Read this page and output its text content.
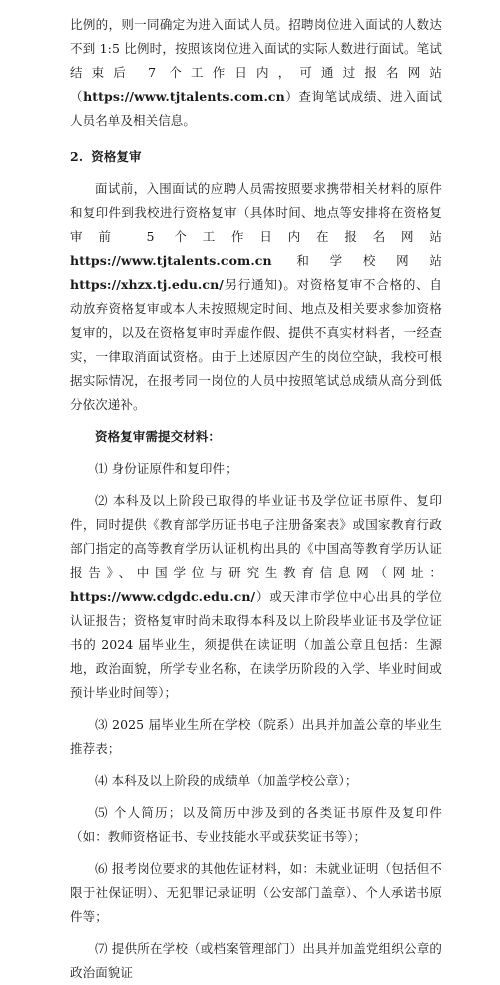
比例的，则一同确定为进入面试人员。招聘岗位进入面试的人数达不到 1:5 比例时，按照该岗位进入面试的实际人数进行面试。笔试结束后 7 个工作日内，可通过报名网站（https://www.tjtalents.com.cn）查询笔试成绩、进入面试人员名单及相关信息。

2. 资格复审

面试前，入围面试的应聘人员需按照要求携带相关材料的原件和复印件到我校进行资格复审（具体时间、地点等安排将在资格复审前 5 个工作日内在报名网站 https://www.tjtalents.com.cn 和学校网站 https://xhzx.tj.edu.cn/另行通知)。对资格复审不合格的、自动放弃资格复审或本人未按照规定时间、地点及相关要求参加资格复审的，以及在资格复审时弄虚作假、提供不真实材料者，一经查实，一律取消面试资格。由于上述原因产生的岗位空缺，我校可根据实际情况，在报考同一岗位的人员中按照笔试总成绩从高分到低分依次递补。

资格复审需提交材料：

⑴ 身份证原件和复印件；

⑵ 本科及以上阶段已取得的毕业证书及学位证书原件、复印件，同时提供《教育部学历证书电子注册备案表》或国家教育行政部门指定的高等教育学历认证机构出具的《中国高等教育学历认证报告》、中国学位与研究生教育信息网（网址：https://www.cdgdc.edu.cn/）或天津市学位中心出具的学位认证报告；资格复审时尚未取得本科及以上阶段毕业证书及学位证书的 2024 届毕业生，须提供在读证明（加盖公章且包括：生源地，政治面貌，所学专业名称，在读学历阶段的入学、毕业时间或预计毕业时间等）；

⑶ 2025 届毕业生所在学校（院系）出具并加盖公章的毕业生推荐表；

⑷ 本科及以上阶段的成绩单（加盖学校公章）；

⑸ 个人简历；以及简历中涉及到的各类证书原件及复印件（如：教师资格证书、专业技能水平或获奖证书等）；

⑹ 报考岗位要求的其他佐证材料，如：未就业证明（包括但不限于社保证明）、无犯罪记录证明（公安部门盖章）、个人承诺书原件等；

⑺ 提供所在学校（或档案管理部门）出具并加盖党组织公章的政治面貌证
